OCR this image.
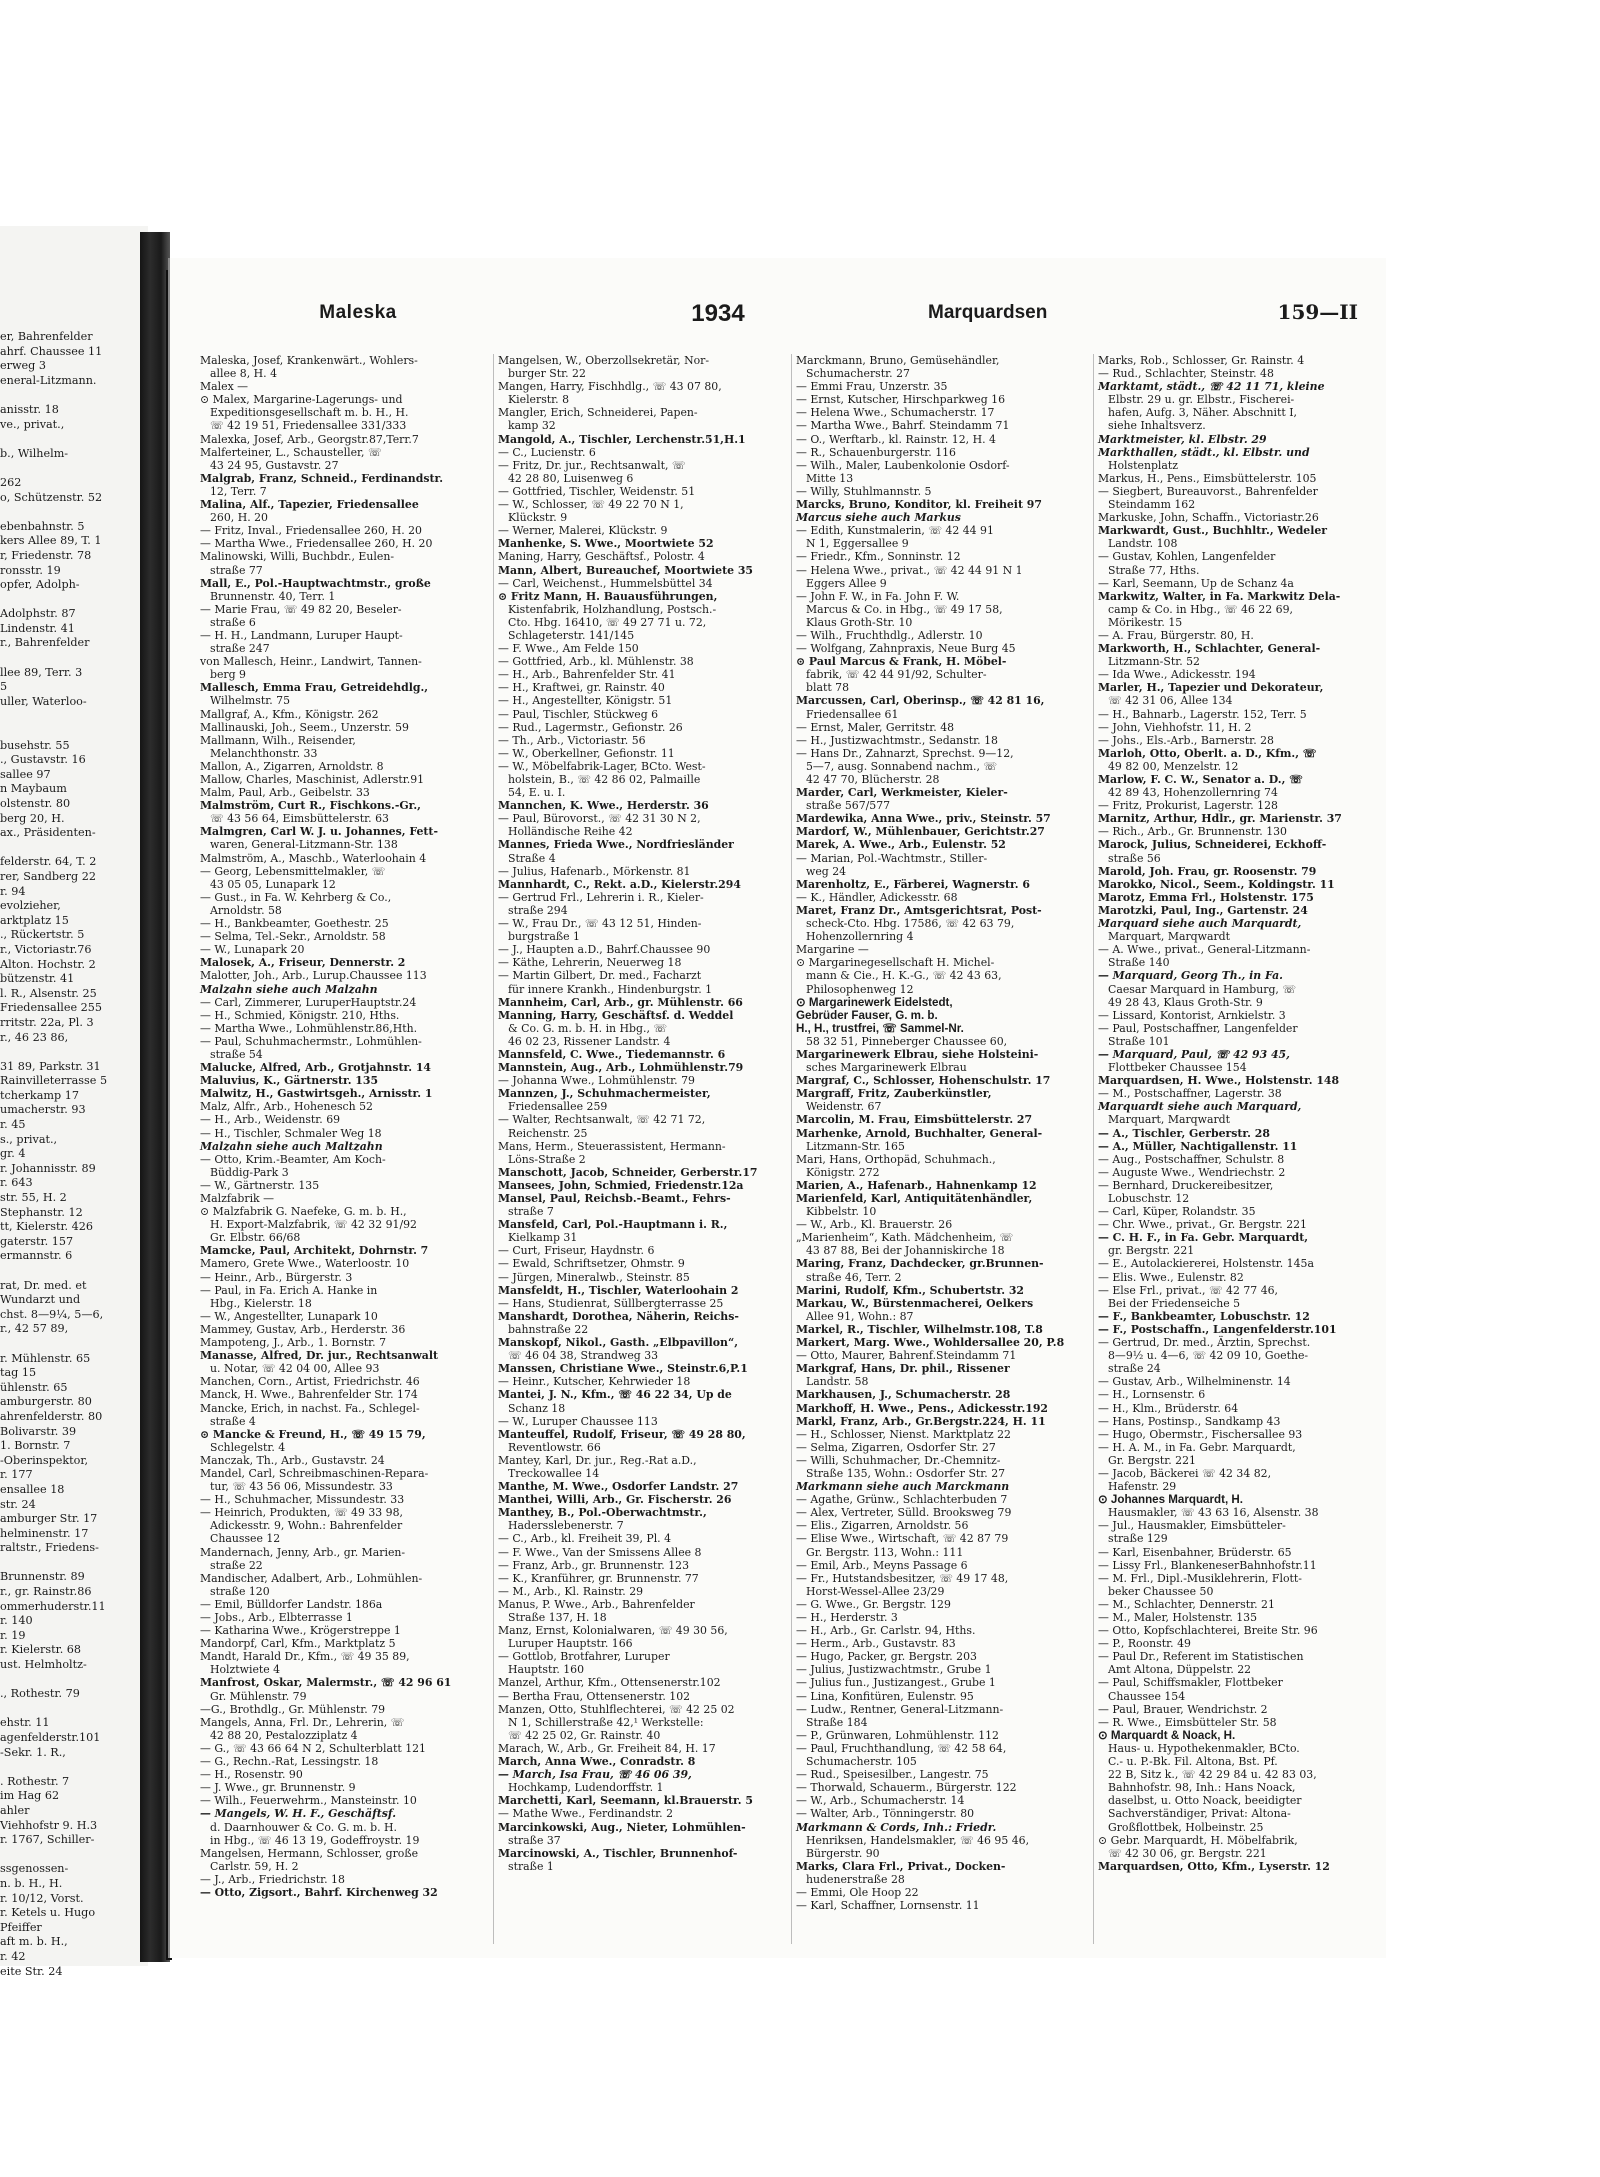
er, Bahrenfelder
ahrf. Chaussee 11
erweg 3
eneral-Litzmann.

anisstr. 18
ve., privat.,

b., Wilhelm-

262
o, Schützenstr. 52

ebenbahnstr. 5
kers Allee 89, T. 1
r, Friedenstr. 78
ronsstr. 19
opfer, Adolph-

Adolphstr. 87
Lindenstr. 41
r., Bahrenfelder

llee 89, Terr. 3
5
uller, Waterloo-

busehstr. 55
., Gustavstr. 16
sallee 97
n Maybaum
olstenstr. 80
berg 20, H.
ax., Präsidenten-

felderstr. 64, T. 2
rer, Sandberg 22
r. 94
evolzieher,
arktplatz 15
., Rückertstr. 5
r., Victoriastr.76
Alton. Hochstr. 2
bützenstr. 41
l. R., Alsenstr. 25
Friedensallee 255
rritstr. 22a, Pl. 3
r., 46 23 86,

31 89, Parkstr. 31
Rainvilleterrasse 5
tcherkamp 17
umacherstr. 93
r. 45
s., privat.,
gr. 4
r. Johannisstr. 89
r. 643
str. 55, H. 2
Stephanstr. 12
tt, Kielerstr. 426
gaterstr. 157
ermannstr. 6

rat, Dr. med. et
Wundarzt und
chst. 8—9¼, 5—6,
r., 42 57 89,

r. Mühlenstr. 65
tag 15
ühlenstr. 65
amburgerstr. 80
ahrenfelderstr. 80
Bolivarstr. 39
1. Bornstr. 7
-Oberinspektor,
r. 177
ensallee 18
str. 24
amburger Str. 17
helminenstr. 17
raltstr., Friedens-

Brunnenstr. 89
r., gr. Rainstr.86
ommerhuderstr.11
r. 140
r. 19
r. Kielerstr. 68
ust. Helmholtz-

., Rothestr. 79

ehstr. 11
agenfelderstr.101
-Sekr. 1. R.,

. Rothestr. 7
im Hag 62
ahler
Viehhofstr 9. H.3
r. 1767, Schiller-

ssgenossen-
n. b. H., H.
r. 10/12, Vorst.
r. Ketels u. Hugo
Pfeiffer
aft m. b. H.,
r. 42
eite Str. 24
Maleska	1934	Marquardsen	159—II
Maleska, Josef, Krankenwärt., Wohlers-
allee 8, H. 4
Malex —
⊙ Malex, Margarine-Lagerungs- und
Expeditionsgesellschaft m. b. H., H.
☏ 42 19 51, Friedensallee 331/333
Malexka, Josef, Arb., Georgstr.87,Terr.7
Malferteiner, L., Schausteller, ☏
43 24 95, Gustavstr. 27
Malgrab, Franz, Schneid., Ferdinandstr.
12, Terr. 7
Malina, Alf., Tapezier, Friedensallee
260, H. 20
— Fritz, Inval., Friedensallee 260, H. 20
— Martha Wwe., Friedensallee 260, H. 20
Malinowski, Willi, Buchbdr., Eulen-
straße 77
Mall, E., Pol.-Hauptwachtmstr., große
Brunnenstr. 40, Terr. 1
— Marie Frau, ☏ 49 82 20, Beseler-
straße 6
— H. H., Landmann, Luruper Haupt-
straße 247
von Mallesch, Heinr., Landwirt, Tannen-
berg 9
Mallesch, Emma Frau, Getreidehdlg.,
Wilhelmstr. 75
Mallgraf, A., Kfm., Königstr. 262
Mallinauski, Joh., Seem., Unzerstr. 59
Mallmann, Wilh., Reisender,
Melanchthonstr. 33
Mallon, A., Zigarren, Arnoldstr. 8
Mallow, Charles, Maschinist, Adlerstr.91
Malm, Paul, Arb., Geibelstr. 33
Malmström, Curt R., Fischkons.-Gr.,
☏ 43 56 64, Eimsbüttelerstr. 63
Malmgren, Carl W. J. u. Johannes, Fett-
waren, General-Litzmann-Str. 138
Malmström, A., Maschb., Waterloohain 4
— Georg, Lebensmittelmakler, ☏
43 05 05, Lunapark 12
— Gust., in Fa. W. Kehrberg & Co.,
Arnoldstr. 58
— H., Bankbeamter, Goethestr. 25
— Selma, Tel.-Sekr., Arnoldstr. 58
— W., Lunapark 20
Malosek, A., Friseur, Dennerstr. 2
Malotter, Joh., Arb., Lurup.Chaussee 113
Malzahn siehe auch Malzahn
— Carl, Zimmerer, LuruperHauptstr.24
— H., Schmied, Königstr. 210, Hths.
— Martha Wwe., Lohmühlenstr.86,Hth.
— Paul, Schuhmachermstr., Lohmühlen-
straße 54
Malucke, Alfred, Arb., Grotjahnstr. 14
Maluvius, K., Gärtnerstr. 135
Malwitz, H., Gastwirtsgeh., Arnisstr. 1
Malz, Alfr., Arb., Hohenesch 52
— H., Arb., Weidenstr. 69
— H., Tischler, Schmaler Weg 18
Malzahn siehe auch Maltzahn
— Otto, Krim.-Beamter, Am Koch-
Büddig-Park 3
— W., Gärtnerstr. 135
Malzfabrik —
⊙ Malzfabrik G. Naefeke, G. m. b. H.,
H. Export-Malzfabrik, ☏ 42 32 91/92
Gr. Elbstr. 66/68
Mamcke, Paul, Architekt, Dohrnstr. 7
Mamero, Grete Wwe., Waterloostr. 10
— Heinr., Arb., Bürgerstr. 3
— Paul, in Fa. Erich A. Hanke in
Hbg., Kielerstr. 18
— W., Angestellter, Lunapark 10
Mammey, Gustav, Arb., Herderstr. 36
Mampoteng, J., Arb., 1. Bornstr. 7
Manasse, Alfred, Dr. jur., Rechtsanwalt
u. Notar, ☏ 42 04 00, Allee 93
Manchen, Corn., Artist, Friedrichstr. 46
Manck, H. Wwe., Bahrenfelder Str. 174
Mancke, Erich, in nachst. Fa., Schlegel-
straße 4
⊙ Mancke & Freund, H., ☏ 49 15 79,
Schlegelstr. 4
Manczak, Th., Arb., Gustavstr. 24
Mandel, Carl, Schreibmaschinen-Repara-
tur, ☏ 43 56 06, Missundestr. 33
— H., Schuhmacher, Missundestr. 33
— Heinrich, Produkten, ☏ 49 33 98,
Adickesstr. 9, Wohn.: Bahrenfelder
Chaussee 12
Mandernach, Jenny, Arb., gr. Marien-
straße 22
Mandischer, Adalbert, Arb., Lohmühlen-
straße 120
— Emil, Bülldorfer Landstr. 186a
— Jobs., Arb., Elbterrasse 1
— Katharina Wwe., Krögerstreppe 1
Mandorpf, Carl, Kfm., Marktplatz 5
Mandt, Harald Dr., Kfm., ☏ 49 35 89,
Holztwiete 4
Manfrost, Oskar, Malermstr., ☏ 42 96 61
Gr. Mühlenstr. 79
—G., Brothdlg., Gr. Mühlenstr. 79
Mangels, Anna, Frl. Dr., Lehrerin, ☏
42 88 20, Pestalozziplatz 4
— G., ☏ 43 66 64 N 2, Schulterblatt 121
— G., Rechn.-Rat, Lessingstr. 18
— H., Rosenstr. 90
— J. Wwe., gr. Brunnenstr. 9
— Wilh., Feuerwehrm., Mansteinstr. 10
— Mangels, W. H. F., Geschäftsf.
d. Daarnhouwer & Co. G. m. b. H.
in Hbg., ☏ 46 13 19, Godeffroystr. 19
Mangelsen, Hermann, Schlosser, große
Carlstr. 59, H. 2
— J., Arb., Friedrichstr. 18
— Otto, Zigsort., Bahrf. Kirchenweg 32
Mangelsen, W., Oberzollsekretär, Nor-
burger Str. 22
Mangen, Harry, Fischhdlg., ☏ 43 07 80,
Kielerstr. 8
Mangler, Erich, Schneiderei, Papen-
kamp 32
Mangold, A., Tischler, Lerchenstr.51,H.1
— C., Lucienstr. 6
— Fritz, Dr. jur., Rechtsanwalt, ☏
42 28 80, Luisenweg 6
— Gottfried, Tischler, Weidenstr. 51
— W., Schlosser, ☏ 49 22 70 N 1,
Klückstr. 9
— Werner, Malerei, Klückstr. 9
Manhenke, S. Wwe., Moortwiete 52
Maning, Harry, Geschäftsf., Polostr. 4
Mann, Albert, Bureauchef, Moortwiete 35
— Carl, Weichenst., Hummelsbüttel 34
⊙ Fritz Mann, H. Bauausführungen,
Kistenfabrik, Holzhandlung, Postsch.-
Cto. Hbg. 16410, ☏ 49 27 71 u. 72,
Schlageterstr. 141/145
— F. Wwe., Am Felde 150
— Gottfried, Arb., kl. Mühlenstr. 38
— H., Arb., Bahrenfelder Str. 41
— H., Kraftwei, gr. Rainstr. 40
— H., Angestellter, Königstr. 51
— Paul, Tischler, Stückweg 6
— Rud., Lagermstr., Gefionstr. 26
— Th., Arb., Victoriastr. 56
— W., Oberkellner, Gefionstr. 11
— W., Möbelfabrik-Lager, BCto. West-
holstein, B., ☏ 42 86 02, Palmaille
54, E. u. I.
Mannchen, K. Wwe., Herderstr. 36
— Paul, Bürovorst., ☏ 42 31 30 N 2,
Holländische Reihe 42
Mannes, Frieda Wwe., Nordfriesländer
Straße 4
— Julius, Hafenarb., Mörkenstr. 81
Mannhardt, C., Rekt. a.D., Kielerstr.294
— Gertrud Frl., Lehrerin i. R., Kieler-
straße 294
— W., Frau Dr., ☏ 43 12 51, Hinden-
burgstraße 1
— J., Haupten a.D., Bahrf.Chaussee 90
— Käthe, Lehrerin, Neuerweg 18
— Martin Gilbert, Dr. med., Facharzt
für innere Krankh., Hindenburgstr. 1
Mannheim, Carl, Arb., gr. Mühlenstr. 66
Manning, Harry, Geschäftsf. d. Weddel
& Co. G. m. b. H. in Hbg., ☏
46 02 23, Rissener Landstr. 4
Mannsfeld, C. Wwe., Tiedemannstr. 6
Mannstein, Aug., Arb., Lohmühlenstr.79
— Johanna Wwe., Lohmühlenstr. 79
Mannzen, J., Schuhmachermeister,
Friedensallee 259
— Walter, Rechtsanwalt, ☏ 42 71 72,
Reichenstr. 25
Mans, Herm., Steuerassistent, Hermann-
Löns-Straße 2
Manschott, Jacob, Schneider, Gerberstr.17
Mansees, John, Schmied, Friedenstr.12a
Mansel, Paul, Reichsb.-Beamt., Fehrs-
straße 7
Mansfeld, Carl, Pol.-Hauptmann i. R.,
Kielkamp 31
— Curt, Friseur, Haydnstr. 6
— Ewald, Schriftsetzer, Ohmstr. 9
— Jürgen, Mineralwb., Steinstr. 85
Mansfeldt, H., Tischler, Waterloohain 2
— Hans, Studienrat, Süllbergterrasse 25
Manshardt, Dorothea, Näherin, Reichs-
bahnstraße 22
Manskopf, Nikol., Gasth. „Elbpavillon“,
☏ 46 04 38, Strandweg 33
Manssen, Christiane Wwe., Steinstr.6,P.1
— Heinr., Kutscher, Kehrwieder 18
Mantei, J. N., Kfm., ☏ 46 22 34, Up de
Schanz 18
— W., Luruper Chaussee 113
Manteuffel, Rudolf, Friseur, ☏ 49 28 80,
Reventlowstr. 66
Mantey, Karl, Dr. jur., Reg.-Rat a.D.,
Treckowallee 14
Manthe, M. Wwe., Osdorfer Landstr. 27
Manthei, Willi, Arb., Gr. Fischerstr. 26
Manthey, B., Pol.-Oberwachtmstr.,
Hadersslebenerstr. 7
— C., Arb., kl. Freiheit 39, Pl. 4
— F. Wwe., Van der Smissens Allee 8
— Franz, Arb., gr. Brunnenstr. 123
— K., Kranführer, gr. Brunnenstr. 77
— M., Arb., Kl. Rainstr. 29
Manus, P. Wwe., Arb., Bahrenfelder
Straße 137, H. 18
Manz, Ernst, Kolonialwaren, ☏ 49 30 56,
Luruper Hauptstr. 166
— Gottlob, Brotfahrer, Luruper
Hauptstr. 160
Manzel, Arthur, Kfm., Ottensenerstr.102
— Bertha Frau, Ottensenerstr. 102
Manzen, Otto, Stuhlflechterei, ☏ 42 25 02
N 1, Schillerstraße 42,¹ Werkstelle:
☏ 42 25 02, Gr. Rainstr. 40
Marach, W., Arb., Gr. Freiheit 84, H. 17
March, Anna Wwe., Conradstr. 8
— March, Isa Frau, ☏ 46 06 39,
Hochkamp, Ludendorffstr. 1
Marchetti, Karl, Seemann, kl.Brauerstr. 5
— Mathe Wwe., Ferdinandstr. 2
Marcinkowski, Aug., Nieter, Lohmühlen-
straße 37
Marcinowski, A., Tischler, Brunnenhof-
straße 1
Marckmann, Bruno, Gemüsehändler,
Schumacherstr. 27
— Emmi Frau, Unzerstr. 35
— Ernst, Kutscher, Hirschparkweg 16
— Helena Wwe., Schumacherstr. 17
— Martha Wwe., Bahrf. Steindamm 71
— O., Werftarb., kl. Rainstr. 12, H. 4
— R., Schauenburgerstr. 116
— Wilh., Maler, Laubenkolonie Osdorf-
Mitte 13
— Willy, Stuhlmannstr. 5
Marcks, Bruno, Konditor, kl. Freiheit 97
Marcus siehe auch Markus
— Edith, Kunstmalerin, ☏ 42 44 91
N 1, Eggersallee 9
— Friedr., Kfm., Sonninstr. 12
— Helena Wwe., privat., ☏ 42 44 91 N 1
Eggers Allee 9
— John F. W., in Fa. John F. W.
Marcus & Co. in Hbg., ☏ 49 17 58,
Klaus Groth-Str. 10
— Wilh., Fruchthdlg., Adlerstr. 10
— Wolfgang, Zahnpraxis, Neue Burg 45
⊙ Paul Marcus & Frank, H. Möbel-
fabrik, ☏ 42 44 91/92, Schulter-
blatt 78
Marcussen, Carl, Oberinsp., ☏ 42 81 16,
Friedensallee 61
— Ernst, Maler, Gerritstr. 48
— H., Justizwachtmstr., Sedanstr. 18
— Hans Dr., Zahnarzt, Sprechst. 9—12,
5—7, ausg. Sonnabend nachm., ☏
42 47 70, Blücherstr. 28
Marder, Carl, Werkmeister, Kieler-
straße 567/577
Mardewika, Anna Wwe., priv., Steinstr. 57
Mardorf, W., Mühlenbauer, Gerichtstr.27
Marek, A. Wwe., Arb., Eulenstr. 52
— Marian, Pol.-Wachtmstr., Stiller-
weg 24
Marenholtz, E., Färberei, Wagnerstr. 6
— K., Händler, Adickesstr. 68
Maret, Franz Dr., Amtsgerichtsrat, Post-
scheck-Cto. Hbg. 17586, ☏ 42 63 79,
Hohenzollernring 4
Margarine —
⊙ Margarinegesellschaft H. Michel-
mann & Cie., H. K.-G., ☏ 42 43 63,
Philosophenweg 12
⊙ Margarinewerk Eidelstedt,
Gebrüder Fauser, G. m. b.
H., H., trustfrei, ☏ Sammel-Nr.
58 32 51, Pinneberger Chaussee 60,
Margarinewerk Elbrau, siehe Holsteini-
sches Margarinewerk Elbrau
Margraf, C., Schlosser, Hohenschulstr. 17
Margraff, Fritz, Zauberkünstler,
Weidenstr. 67
Marcolin, M. Frau, Eimsbüttelerstr. 27
Marhenke, Arnold, Buchhalter, General-
Litzmann-Str. 165
Mari, Hans, Orthopäd, Schuhmach.,
Königstr. 272
Marien, A., Hafenarb., Hahnenkamp 12
Marienfeld, Karl, Antiquitätenhändler,
Kibbelstr. 10
— W., Arb., Kl. Brauerstr. 26
„Marienheim“, Kath. Mädchenheim, ☏
43 87 88, Bei der Johanniskirche 18
Maring, Franz, Dachdecker, gr.Brunnen-
straße 46, Terr. 2
Marini, Rudolf, Kfm., Schubertstr. 32
Markau, W., Bürstenmacherei, Oelkers
Allee 91, Wohn.: 87
Markel, R., Tischler, Wilhelmstr.108, T.8
Markert, Marg. Wwe., Wohldersallee 20, P.8
— Otto, Maurer, Bahrenf.Steindamm 71
Markgraf, Hans, Dr. phil., Rissener
Landstr. 58
Markhausen, J., Schumacherstr. 28
Markhoff, H. Wwe., Pens., Adickesstr.192
Markl, Franz, Arb., Gr.Bergstr.224, H. 11
— H., Schlosser, Nienst. Marktplatz 22
— Selma, Zigarren, Osdorfer Str. 27
— Willi, Schuhmacher, Dr.-Chemnitz-
Straße 135, Wohn.: Osdorfer Str. 27
Markmann siehe auch Marckmann
— Agathe, Grünw., Schlachterbuden 7
— Alex, Vertreter, Sülld. Brooksweg 79
— Elis., Zigarren, Arnoldstr. 56
— Elise Wwe., Wirtschaft, ☏ 42 87 79
Gr. Bergstr. 113, Wohn.: 111
— Emil, Arb., Meyns Passage 6
— Fr., Hutstandsbesitzer, ☏ 49 17 48,
Horst-Wessel-Allee 23/29
— G. Wwe., Gr. Bergstr. 129
— H., Herderstr. 3
— H., Arb., Gr. Carlstr. 94, Hths.
— Herm., Arb., Gustavstr. 83
— Hugo, Packer, gr. Bergstr. 203
— Julius, Justizwachtmstr., Grube 1
— Julius fun., Justizangest., Grube 1
— Lina, Konfitüren, Eulenstr. 95
— Ludw., Rentner, General-Litzmann-
Straße 184
— P., Grünwaren, Lohmühlenstr. 112
— Paul, Fruchthandlung, ☏ 42 58 64,
Schumacherstr. 105
— Rud., Speisesilber., Langestr. 75
— Thorwald, Schauerm., Bürgerstr. 122
— W., Arb., Schumacherstr. 14
— Walter, Arb., Tönningerstr. 80
Markmann & Cords, Inh.: Friedr.
Henriksen, Handelsmakler, ☏ 46 95 46,
Bürgerstr. 90
Marks, Clara Frl., Privat., Docken-
hudenerstraße 28
— Emmi, Ole Hoop 22
— Karl, Schaffner, Lornsenstr. 11
Marks, Rob., Schlosser, Gr. Rainstr. 4
— Rud., Schlachter, Steinstr. 48
Marktamt, städt., ☏ 42 11 71, kleine
Elbstr. 29 u. gr. Elbstr., Fischerei-
hafen, Aufg. 3, Näher. Abschnitt I,
siehe Inhaltsverz.
Marktmeister, kl. Elbstr. 29
Markthallen, städt., kl. Elbstr. und
Holstenplatz
Markus, H., Pens., Eimsbüttelerstr. 105
— Siegbert, Bureauvorst., Bahrenfelder
Steindamm 162
Markuske, John, Schaffn., Victoriastr.26
Markwardt, Gust., Buchhltr., Wedeler
Landstr. 108
— Gustav, Kohlen, Langenfelder
Straße 77, Hths.
— Karl, Seemann, Up de Schanz 4a
Markwitz, Walter, in Fa. Markwitz Dela-
camp & Co. in Hbg., ☏ 46 22 69,
Mörikestr. 15
— A. Frau, Bürgerstr. 80, H.
Markworth, H., Schlachter, General-
Litzmann-Str. 52
— Ida Wwe., Adickesstr. 194
Marler, H., Tapezier und Dekorateur,
☏ 42 31 06, Allee 134
— H., Bahnarb., Lagerstr. 152, Terr. 5
— John, Viehhofstr. 11, H. 2
— Johs., Els.-Arb., Barnerstr. 28
Marloh, Otto, Oberlt. a. D., Kfm., ☏
49 82 00, Menzelstr. 12
Marlow, F. C. W., Senator a. D., ☏
42 89 43, Hohenzollernring 74
— Fritz, Prokurist, Lagerstr. 128
Marnitz, Arthur, Hdlr., gr. Marienstr. 37
— Rich., Arb., Gr. Brunnenstr. 130
Marock, Julius, Schneiderei, Eckhoff-
straße 56
Marold, Joh. Frau, gr. Roosenstr. 79
Marokko, Nicol., Seem., Koldingstr. 11
Marotz, Emma Frl., Holstenstr. 175
Marotzki, Paul, Ing., Gartenstr. 24
Marquard siehe auch Marquardt,
Marquart, Marqwardt
— A. Wwe., privat., General-Litzmann-
Straße 140
— Marquard, Georg Th., in Fa.
Caesar Marquard in Hamburg, ☏
49 28 43, Klaus Groth-Str. 9
— Lissard, Kontorist, Arnkielstr. 3
— Paul, Postschaffner, Langenfelder
Straße 101
— Marquard, Paul, ☏ 42 93 45,
Flottbeker Chaussee 154
Marquardsen, H. Wwe., Holstenstr. 148
— M., Postschaffner, Lagerstr. 38
Marquardt siehe auch Marquard,
Marquart, Marqwardt
— A., Tischler, Gerberstr. 28
— A., Müller, Nachtigallenstr. 11
— Aug., Postschaffner, Schulstr. 8
— Auguste Wwe., Wendriechstr. 2
— Bernhard, Druckereibesitzer,
Lobuschstr. 12
— Carl, Küper, Rolandstr. 35
— Chr. Wwe., privat., Gr. Bergstr. 221
— C. H. F., in Fa. Gebr. Marquardt,
gr. Bergstr. 221
— E., Autolackiererei, Holstenstr. 145a
— Elis. Wwe., Eulenstr. 82
— Else Frl., privat., ☏ 42 77 46,
Bei der Friedenseiche 5
— F., Bankbeamter, Lobuschstr. 12
— F., Postschaffn., Langenfelderstr.101
— Gertrud, Dr. med., Ärztin, Sprechst.
8—9½ u. 4—6, ☏ 42 09 10, Goethe-
straße 24
— Gustav, Arb., Wilhelminenstr. 14
— H., Lornsenstr. 6
— H., Klm., Brüderstr. 64
— Hans, Postinsp., Sandkamp 43
— Hugo, Obermstr., Fischersallee 93
— H. A. M., in Fa. Gebr. Marquardt,
Gr. Bergstr. 221
— Jacob, Bäckerei ☏ 42 34 82,
Hafenstr. 29
⊙ Johannes Marquardt, H.
Hausmakler, ☏ 43 63 16, Alsenstr. 38
— Jul., Hausmakler, Eimsbütteler-
straße 129
— Karl, Eisenbahner, Brüderstr. 65
— Lissy Frl., BlankeneserBahnhofstr.11
— M. Frl., Dipl.-Musiklehrerin, Flott-
beker Chaussee 50
— M., Schlachter, Dennerstr. 21
— M., Maler, Holstenstr. 135
— Otto, Kopfschlachterei, Breite Str. 96
— P., Roonstr. 49
— Paul Dr., Referent im Statistischen
Amt Altona, Düppelstr. 22
— Paul, Schiffsmakler, Flottbeker
Chaussee 154
— Paul, Brauer, Wendrichstr. 2
— R. Wwe., Eimsbütteler Str. 58
⊙ Marquardt & Noack, H.
Haus- u. Hypothekenmakler, BCto.
C.- u. P.-Bk. Fil. Altona, Bst. Pf.
22 B, Sitz k., ☏ 42 29 84 u. 42 83 03,
Bahnhofstr. 98, Inh.: Hans Noack,
daselbst, u. Otto Noack, beeidigter
Sachverständiger, Privat: Altona-
Großflottbek, Holbeinstr. 25
⊙ Gebr. Marquardt, H. Möbelfabrik,
☏ 42 30 06, gr. Bergstr. 221
Marquardsen, Otto, Kfm., Lyserstr. 12
